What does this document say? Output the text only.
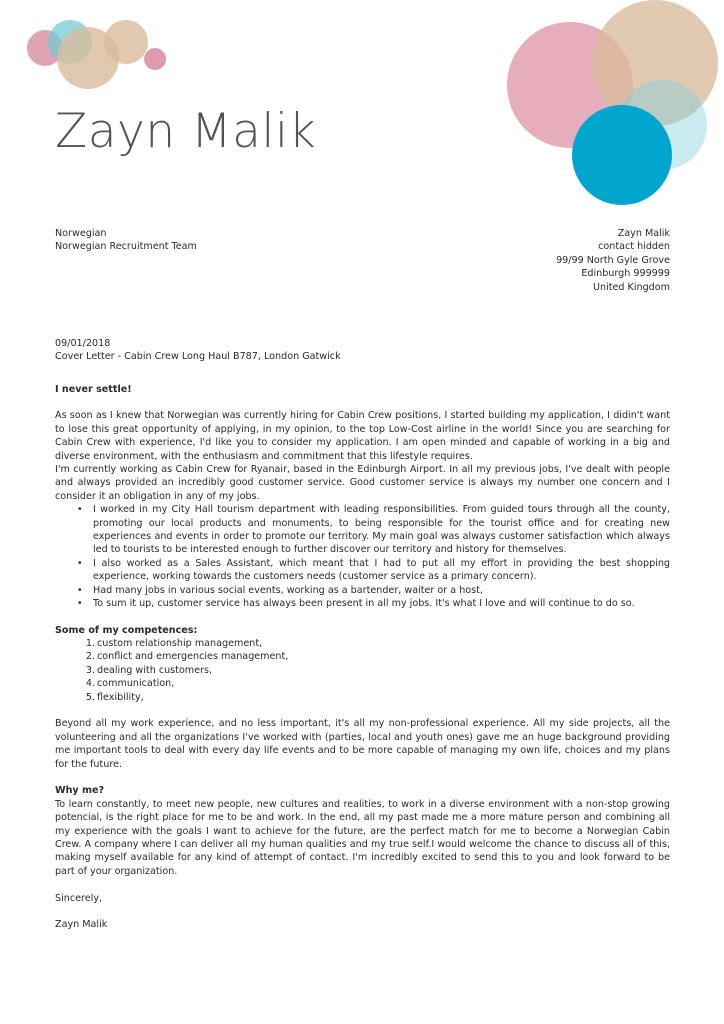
Zayn Malik
Norwegian
Norwegian Recruitment Team
Zayn Malik
contact hidden
99/99 North Gyle Grove
Edinburgh 999999
United Kingdom
09/01/2018
Cover Letter - Cabin Crew Long Haul B787, London Gatwick

I never settle!

As soon as I knew that Norwegian was currently hiring for Cabin Crew positions, I started building my application, I didin't want to lose this great opportunity of applying, in my opinion, to the top Low-Cost airline in the world! Since you are searching for Cabin Crew with experience, I'd like you to consider my application. I am open minded and capable of working in a big and diverse environment, with the enthusiasm and commitment that this lifestyle requires.

I'm currently working as Cabin Crew for Ryanair, based in the Edinburgh Airport. In all my previous jobs, I've dealt with people and always provided an incredibly good customer service. Good customer service is always my number one concern and I consider it an obligation in any of my jobs.

• I worked in my City Hall tourism department with leading responsibilities. From guided tours through all the county, promoting our local products and monuments, to being responsible for the tourist office and for creating new experiences and events in order to promote our territory. My main goal was always customer satisfaction which always led to tourists to be interested enough to further discover our territory and history for themselves.
• I also worked as a Sales Assistant, which meant that I had to put all my effort in providing the best shopping experience, working towards the customers needs (customer service as a primary concern).
• Had many jobs in various social events, working as a bartender, waiter or a host,
• To sum it up, customer service has always been present in all my jobs. It's what I love and will continue to do so.

Some of my competences:

custom relationship management,
conflict and emergencies management,
dealing with customers,
communication,
flexibility,

Beyond all my work experience, and no less important, it's all my non-professional experience. All my side projects, all the volunteering and all the organizations I've worked with (parties, local and youth ones) gave me an huge background providing me important tools to deal with every day life events and to be more capable of managing my own life, choices and my plans for the future.

Why me?

To learn constantly, to meet new people, new cultures and realities, to work in a diverse environment with a non-stop growing potencial, is the right place for me to be and work. In the end, all my past made me a more mature person and combining all my experience with the goals I want to achieve for the future, are the perfect match for me to become a Norwegian Cabin Crew. A company where I can deliver all my human qualities and my true self.I would welcome the chance to discuss all of this, making myself available for any kind of attempt of contact. I'm incredibly excited to send this to you and look forward to be part of your organization.

Sincerely,

Zayn Malik
